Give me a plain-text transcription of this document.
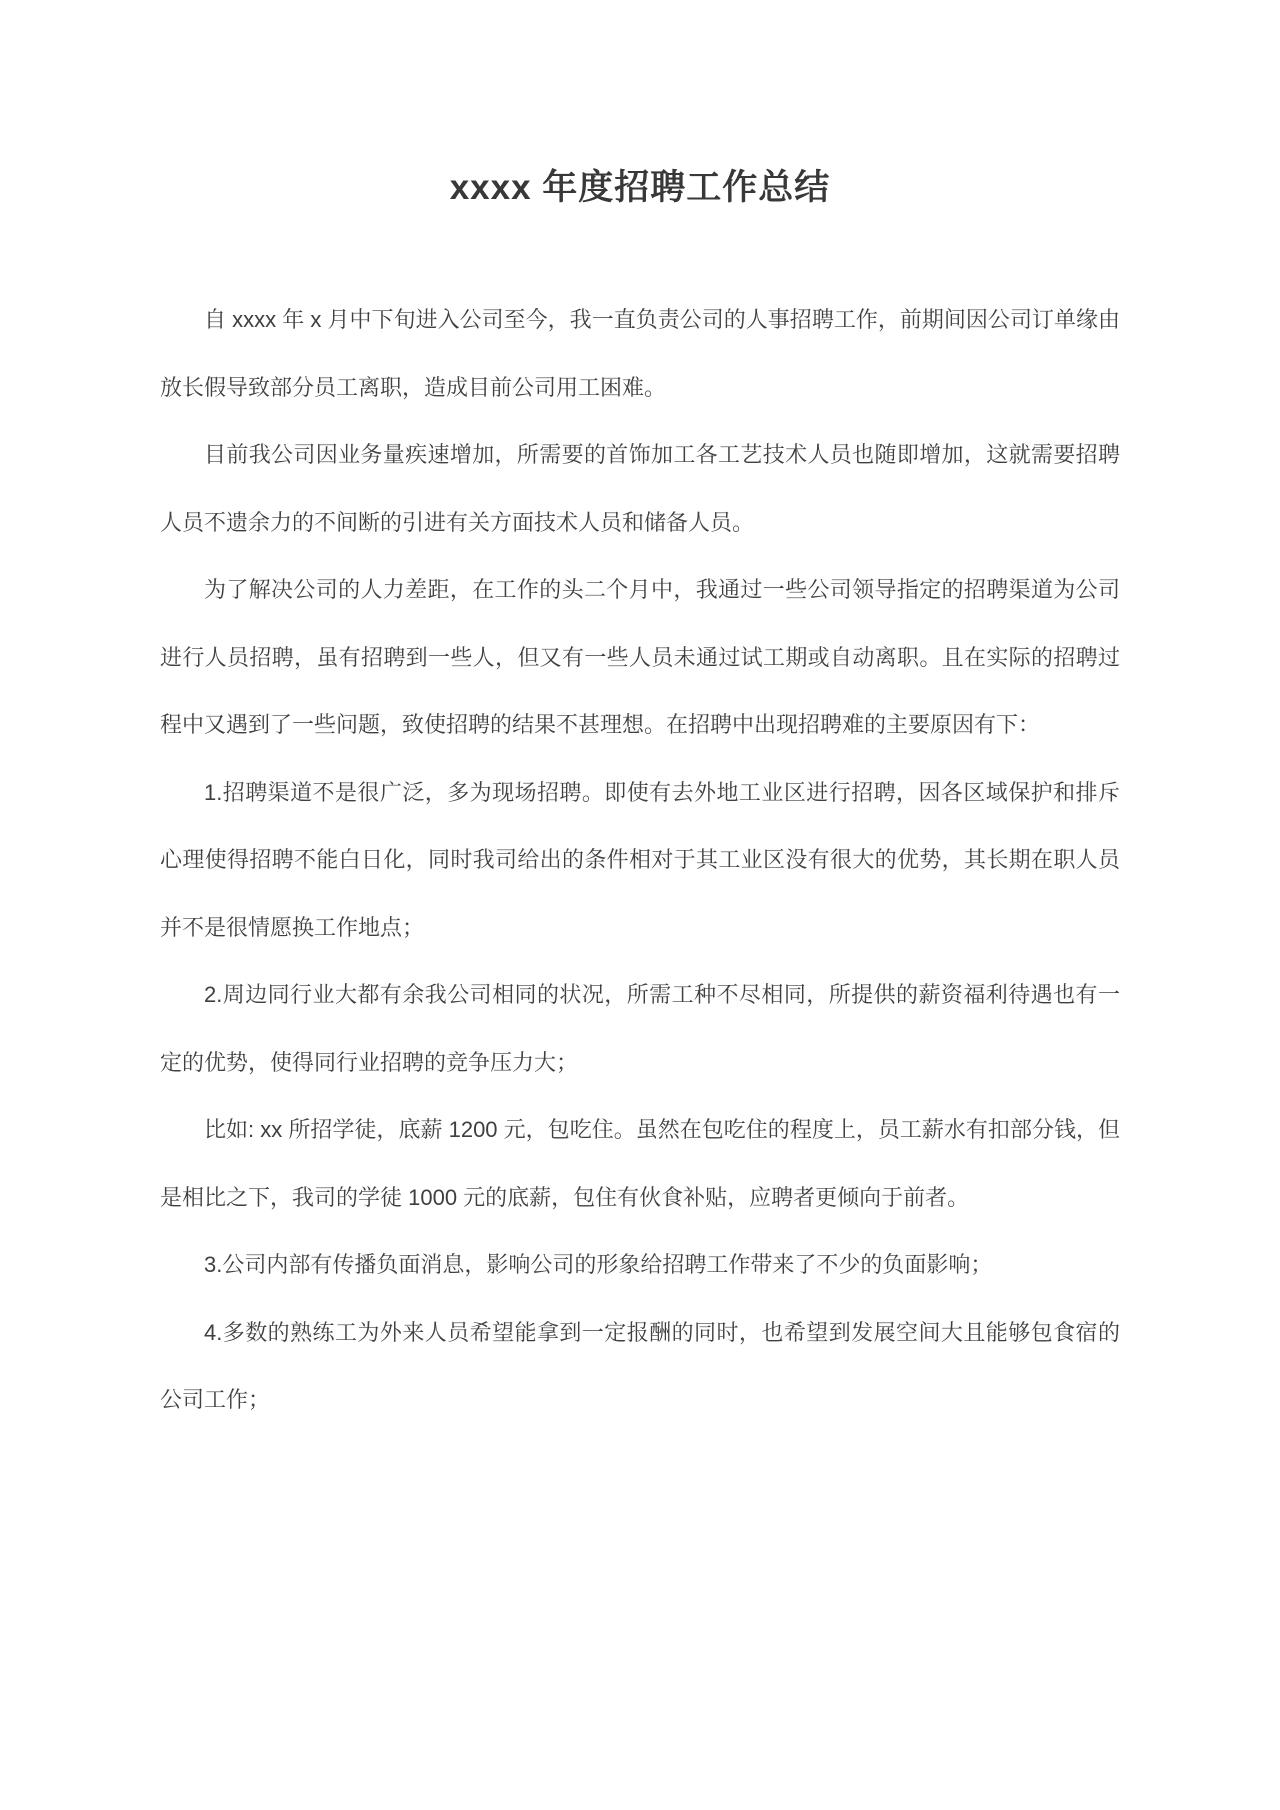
xxxx 年度招聘工作总结

自 xxxx 年 x 月中下旬进入公司至今，我一直负责公司的人事招聘工作，前期间因公司订单缘由放长假导致部分员工离职，造成目前公司用工困难。

目前我公司因业务量疾速增加，所需要的首饰加工各工艺技术人员也随即增加，这就需要招聘人员不遗余力的不间断的引进有关方面技术人员和储备人员。

为了解决公司的人力差距，在工作的头二个月中，我通过一些公司领导指定的招聘渠道为公司进行人员招聘，虽有招聘到一些人，但又有一些人员未通过试工期或自动离职。且在实际的招聘过程中又遇到了一些问题，致使招聘的结果不甚理想。在招聘中出现招聘难的主要原因有下：

1.招聘渠道不是很广泛，多为现场招聘。即使有去外地工业区进行招聘，因各区域保护和排斥心理使得招聘不能白日化，同时我司给出的条件相对于其工业区没有很大的优势，其长期在职人员并不是很情愿换工作地点；

2.周边同行业大都有余我公司相同的状况，所需工种不尽相同，所提供的薪资福利待遇也有一定的优势，使得同行业招聘的竞争压力大；

比如: xx 所招学徒，底薪 1200 元，包吃住。虽然在包吃住的程度上，员工薪水有扣部分钱，但是相比之下，我司的学徒 1000 元的底薪，包住有伙食补贴，应聘者更倾向于前者。

3.公司内部有传播负面消息，影响公司的形象给招聘工作带来了不少的负面影响；

4.多数的熟练工为外来人员希望能拿到一定报酬的同时，也希望到发展空间大且能够包食宿的公司工作；
